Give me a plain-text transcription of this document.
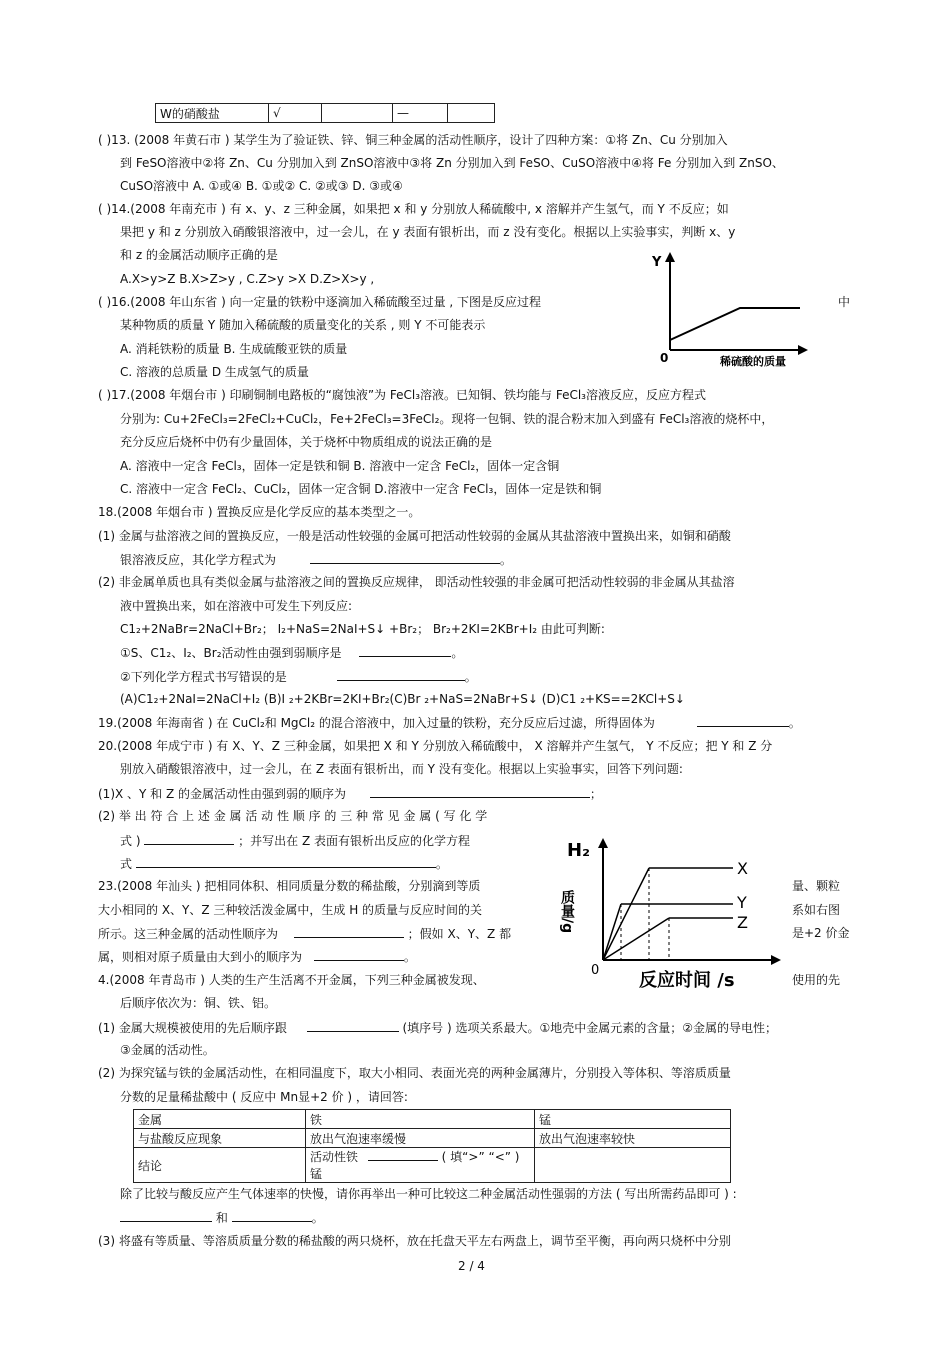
W的硝酸盐	√		—	
( )13. (2008 年黄石市 ) 某学生为了验证铁、锌、铜三种金属的活动性顺序，设计了四种方案：①将 Zn、Cu 分别加入
到 FeSO溶液中②将 Zn、Cu 分别加入到 ZnSO溶液中③将 Zn 分别加入到 FeSO、CuSO溶液中④将 Fe 分别加入到 ZnSO、
CuSO溶液中 A. ①或④ B. ①或② C. ②或③ D. ③或④
( )14.(2008 年南充市 ) 有 x、y、z 三种金属，如果把 x 和 y 分别放人稀硫酸中, x 溶解并产生氢气，而 Y 不反应；如
果把 y 和 z 分别放入硝酸银溶液中，过一会儿，在 y 表面有银析出，而 z 没有变化。根据以上实验事实，判断 x、y
和 z 的金属活动顺序正确的是
A.X>y>Z B.X>Z>y , C.Z>y >X D.Z>X>y ,
( )16.(2008 年山东省 ) 向一定量的铁粉中逐滴加入稀硫酸至过量 , 下图是反应过程	中
某种物质的质量 Y 随加入稀硫酸的质量变化的关系 , 则 Y 不可能表示
A. 消耗铁粉的质量 B. 生成硫酸亚铁的质量
C. 溶液的总质量 D 生成氢气的质量
Y
0	稀硫酸的质量
( )17.(2008 年烟台市 ) 印刷铜制电路板的“腐蚀液”为 FeCl₃溶液。已知铜、铁均能与 FeCl₃溶液反应，反应方程式
分别为: Cu+2FeCl₃=2FeCl₂+CuCl₂，Fe+2FeCl₃=3FeCl₂。现将一包铜、铁的混合粉末加入到盛有 FeCl₃溶液的烧杯中，
充分反应后烧杯中仍有少量固体，关于烧杯中物质组成的说法正确的是
A. 溶液中一定含 FeCl₃，固体一定是铁和铜 B. 溶液中一定含 FeCl₂，固体一定含铜
C. 溶液中一定含 FeCl₂、CuCl₂，固体一定含铜 D.溶液中一定含 FeCl₃，固体一定是铁和铜
18.(2008 年烟台市 ) 置换反应是化学反应的基本类型之一。
(1) 金属与盐溶液之间的置换反应，一般是活动性较强的金属可把活动性较弱的金属从其盐溶液中置换出来，如铜和硝酸
银溶液反应，其化学方程式为	。
(2) 非金属单质也具有类似金属与盐溶液之间的置换反应规律， 即活动性较强的非金属可把活动性较弱的非金属从其盐溶
液中置换出来，如在溶液中可发生下列反应:
C1₂+2NaBr=2NaCl+Br₂； I₂+NaS=2NaI+S↓ +Br₂； Br₂+2KI=2KBr+I₂ 由此可判断:
①S、C1₂、I₂、Br₂活动性由强到弱顺序是	。
②下列化学方程式书写错误的是	。
(A)C1₂+2NaI=2NaCl+I₂ (B)I ₂+2KBr=2KI+Br₂(C)Br ₂+NaS=2NaBr+S↓ (D)C1 ₂+KS==2KCl+S↓
19.(2008 年海南省 ) 在 CuCl₂和 MgCl₂ 的混合溶液中，加入过量的铁粉，充分反应后过滤，所得固体为	。
20.(2008 年成宁市 ) 有 X、Y、Z 三种金属，如果把 X 和 Y 分别放入稀硫酸中， X 溶解并产生氢气， Y 不反应；把 Y 和 Z 分
别放入硝酸银溶液中，过一会儿，在 Z 表面有银析出，而 Y 没有变化。根据以上实验事实，回答下列问题:
(1)X 、Y 和 Z 的金属活动性由强到弱的顺序为	；
(2) 举 出 符 合 上 述 金 属 活 动 性 顺 序 的 三 种 常 见 金 属 ( 写 化 学
式 )	；并写出在 Z 表面有银析出反应的化学方程
式	。
H₂
质量/g
0 反应时间 /s
X
Y
Z
23.(2008 年汕头 ) 把相同体积、相同质量分数的稀盐酸，分别滴到等质	量、颗粒
大小相同的 X、Y、Z 三种较活泼金属中，生成 H 的质量与反应时间的关	系如右图
所示。这三种金属的活动性顺序为	；假如 X、Y、Z 都	是+2 价金
属，则相对原子质量由大到小的顺序为	。
4.(2008 年青岛市 ) 人类的生产生活离不开金属，下列三种金属被发现、	使用的先
后顺序依次为：铜、铁、铝。
(1) 金属大规模被使用的先后顺序跟	(填序号 ) 选项关系最大。①地壳中金属元素的含量；②金属的导电性；
③金属的活动性。
(2) 为探究锰与铁的金属活动性，在相同温度下，取大小相同、表面光亮的两种金属薄片，分别投入等体积、等溶质质量
分数的足量稀盐酸中 ( 反应中 Mn显+2 价 ) ，请回答:
金属	铁	锰
与盐酸反应现象	放出气泡速率缓慢	放出气泡速率较快
结论	活动性铁 ( 填“>” “<” ) 锰	
除了比较与酸反应产生气体速率的快慢，请你再举出一种可比较这二种金属活动性强弱的方法 ( 写出所需药品即可 ) :
和	。
(3) 将盛有等质量、等溶质质量分数的稀盐酸的两只烧杯，放在托盘天平左右两盘上，调节至平衡，再向两只烧杯中分别
2 / 4
